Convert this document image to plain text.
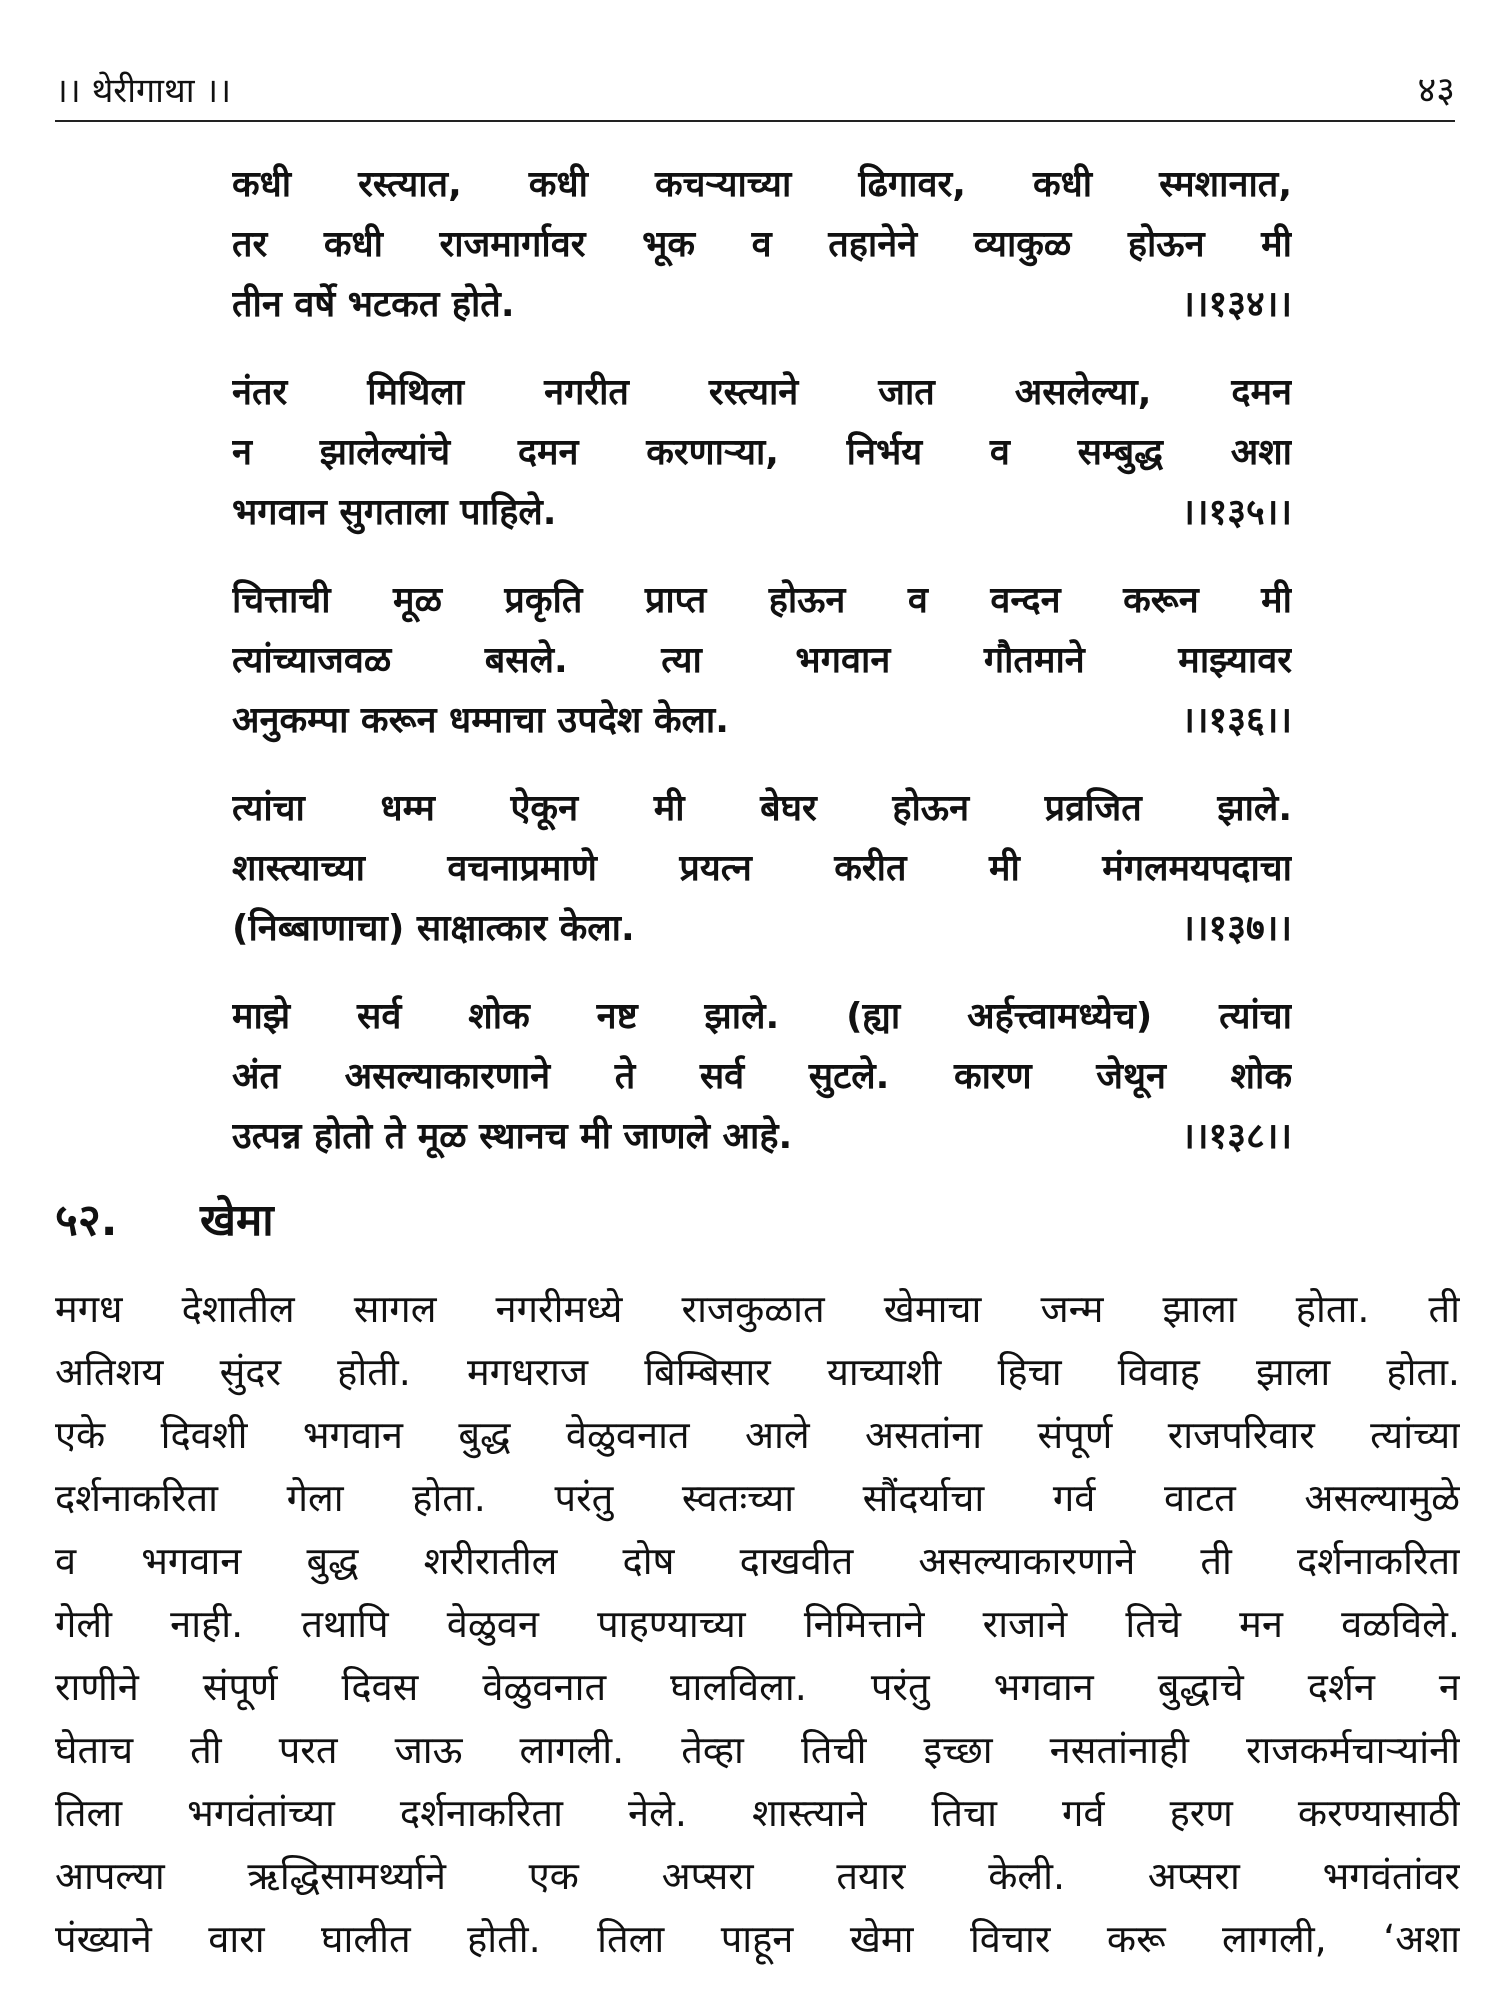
।। थेरीगाथा ।।	४३
कधी रस्त्यात, कधी कचऱ्याच्या ढिगावर, कधी स्मशानात,
तर कधी राजमार्गावर भूक व तहानेने व्याकुळ होऊन मी
तीन वर्षे भटकत होते.	।।१३४।।
नंतर मिथिला नगरीत रस्त्याने जात असलेल्या, दमन
न झालेल्यांचे दमन करणाऱ्या, निर्भय व सम्बुद्ध अशा
भगवान सुगताला पाहिले.	।।१३५।।
चित्ताची मूळ प्रकृति प्राप्त होऊन व वन्दन करून मी
त्यांच्याजवळ बसले. त्या भगवान गौतमाने माझ्यावर
अनुकम्पा करून धम्माचा उपदेश केला.	।।१३६।।
त्यांचा धम्म ऐकून मी बेघर होऊन प्रव्रजित झाले.
शास्त्याच्या वचनाप्रमाणे प्रयत्न करीत मी मंगलमयपदाचा
(निब्बाणाचा) साक्षात्कार केला.	।।१३७।।
माझे सर्व शोक नष्ट झाले. (ह्या अर्हत्त्वामध्येच) त्यांचा
अंत असल्याकारणाने ते सर्व सुटले. कारण जेथून शोक
उत्पन्न होतो ते मूळ स्थानच मी जाणले आहे.	।।१३८।।
५२. खेमा
मगध देशातील सागल नगरीमध्ये राजकुळात खेमाचा जन्म झाला होता. ती
अतिशय सुंदर होती. मगधराज बिम्बिसार याच्याशी हिचा विवाह झाला होता.
एके दिवशी भगवान बुद्ध वेळुवनात आले असतांना संपूर्ण राजपरिवार त्यांच्या
दर्शनाकरिता गेला होता. परंतु स्वतःच्या सौंदर्याचा गर्व वाटत असल्यामुळे
व भगवान बुद्ध शरीरातील दोष दाखवीत असल्याकारणाने ती दर्शनाकरिता
गेली नाही. तथापि वेळुवन पाहण्याच्या निमित्ताने राजाने तिचे मन वळविले.
राणीने संपूर्ण दिवस वेळुवनात घालविला. परंतु भगवान बुद्धाचे दर्शन न
घेताच ती परत जाऊ लागली. तेव्हा तिची इच्छा नसतांनाही राजकर्मचाऱ्यांनी
तिला भगवंतांच्या दर्शनाकरिता नेले. शास्त्याने तिचा गर्व हरण करण्यासाठी
आपल्या ऋद्धिसामर्थ्याने एक अप्सरा तयार केली. अप्सरा भगवंतांवर
पंख्याने वारा घालीत होती. तिला पाहून खेमा विचार करू लागली, ‘अशा
